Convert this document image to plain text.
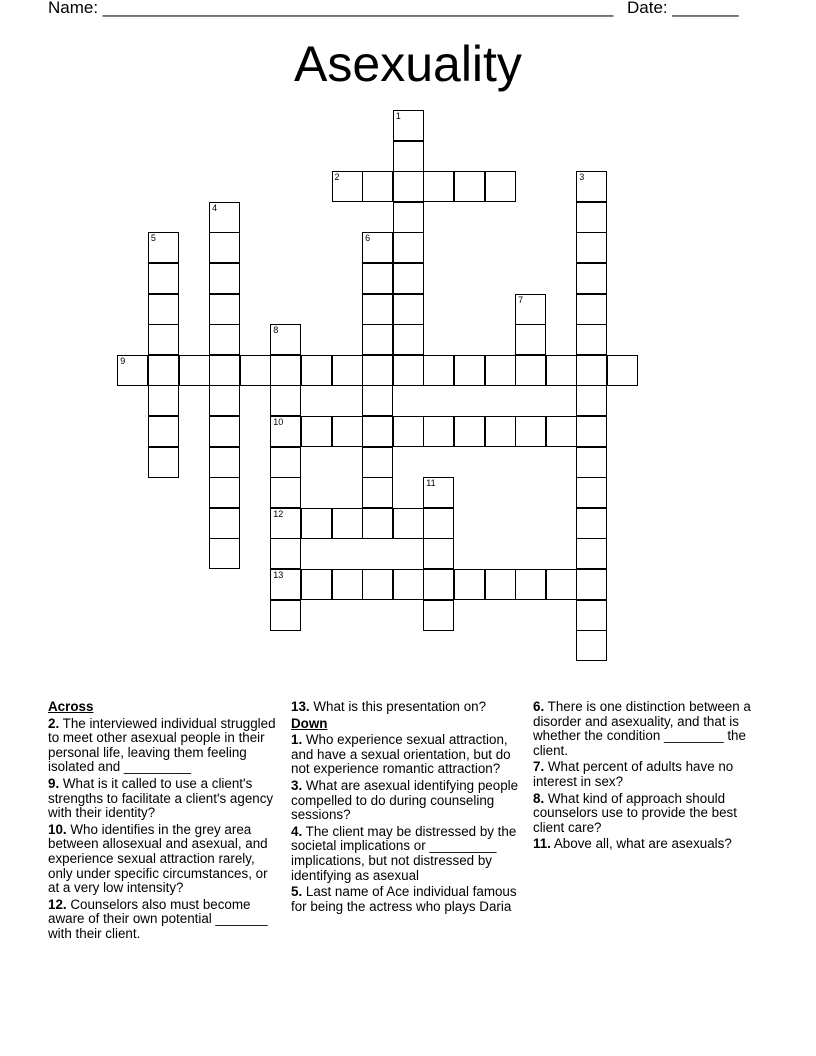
Name: ______________________________________________________ Date: _______
Asexuality
2
9
10
12
13
1
3
4
5	6
7
8
11
Across
2. The interviewed individual struggled to meet other asexual people in their personal life, leaving them feeling isolated and _________
9. What is it called to use a client's strengths to facilitate a client's agency with their identity?
10. Who identifies in the grey area between allosexual and asexual, and experience sexual attraction rarely, only under specific circumstances, or at a very low intensity?
12. Counselors also must become aware of their own potential _______ with their client.
13. What is this presentation on?
Down
1. Who experience sexual attraction, and have a sexual orientation, but do not experience romantic attraction?
3. What are asexual identifying people compelled to do during counseling sessions?
4. The client may be distressed by the societal implications or _________ implications, but not distressed by identifying as asexual
5. Last name of Ace individual famous for being the actress who plays Daria
6. There is one distinction between a disorder and asexuality, and that is whether the condition ________ the client.
7. What percent of adults have no interest in sex?
8. What kind of approach should counselors use to provide the best client care?
11. Above all, what are asexuals?
